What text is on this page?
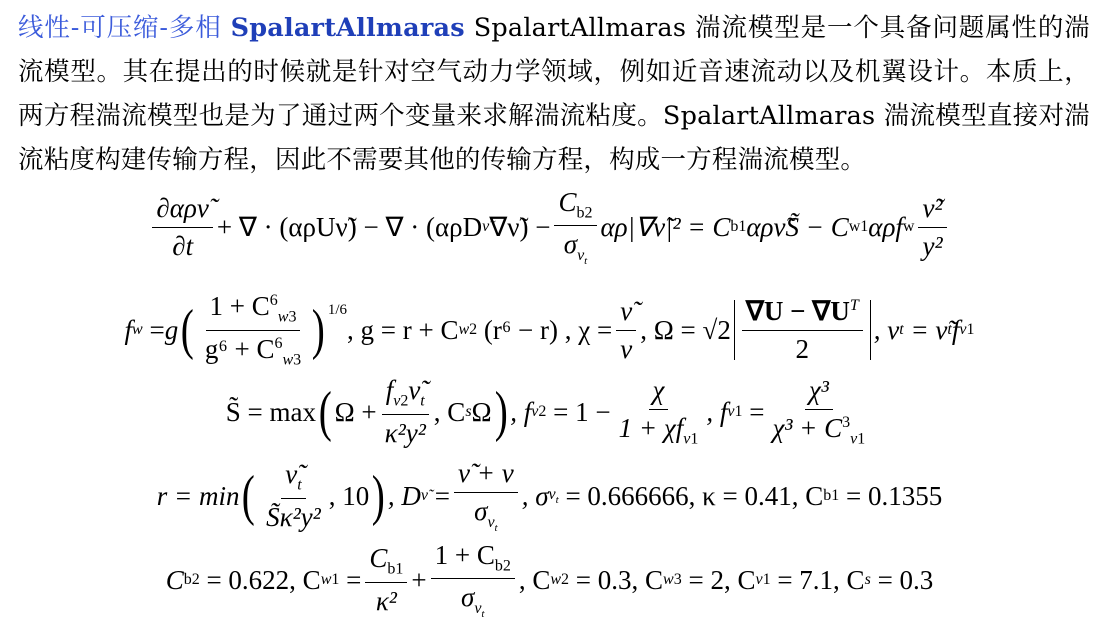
线性-可压缩-多相 SpalartAllmaras SpalartAllmaras 湍流模型是一个具备问题属性的湍流模型。其在提出的时候就是针对空气动力学领域，例如近音速流动以及机翼设计。本质上，两方程湍流模型也是为了通过两个变量来求解湍流粘度。SpalartAllmaras 湍流模型直接对湍流粘度构建传输方程，因此不需要其他的传输方程，构成一方程湍流模型。
$\frac{\text{∂αρν̃}}{\partial t}$ + ∇ · (αρUν̃) − ∇ · (αρD ν̃ ∇ν̃) − $\frac{C_{b2}}{\sigma_{\nu_t}}$ αρ|∇ν̃|² = C b1 αρν̃S̃ − C w1 αρf w $\frac{\text{ν̃²}}{\text{y²}}$
f w = g ( $\frac{1 + C^6_{w3}}{g^6 + C^6_{w3}} )^{1/6}$
, g = r + C w2
(r⁶ − r) , $\chi = \frac{\nũ}{\nu}$ , $\Omega = √2 \frac{\nabla U - \nabla U^T}{2}$ , ν t
= ν̃ t f v1
S̃ = max ( $\Omega + \frac{f_{v2}\nũ_t}{\text{κ²y²}}$ , C s Ω ) , f v2
= $1 - \frac{\chi}{1 + \chi f_{v1}}$ , f v1
= $\frac{\text{χ³}}{\chi^3 + C^3_{v1}}$
r = min ( $\frac{\nũ_t}{\text{S̃κ²y²}}$ , 10 ) , D ν̃
= $\frac{\nũ + \nu}{\sigma_{\nu_t}}$ , σ $\nu_t$
= 0.666666, κ = 0.41, C b1
= 0.1355
C b2
= 0.622, C w1
= $\frac{C_{b1}}{\text{κ²}} + \frac{1 + C_{b2}}{\sigma_{\nu_t}}$ , C w2
= 0.3, C w3
= 2, C v1
= 7.1, C s
= 0.3
